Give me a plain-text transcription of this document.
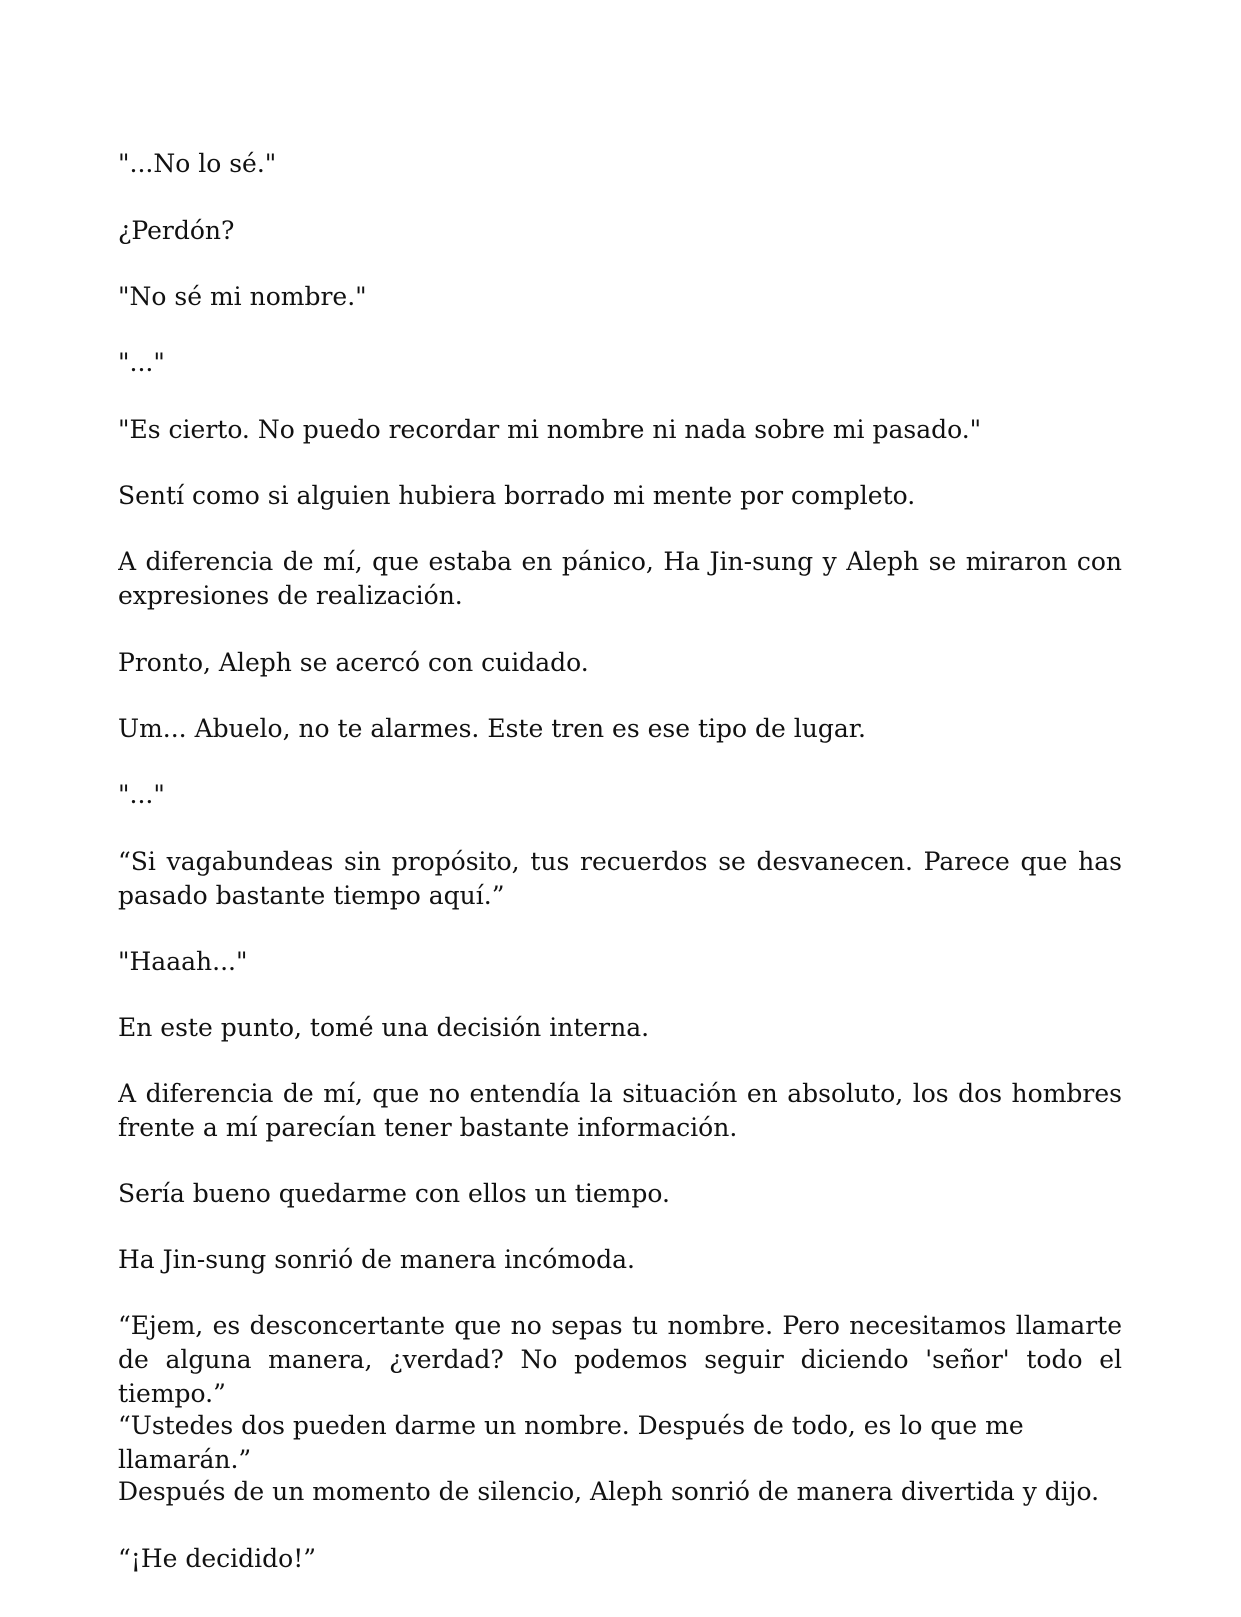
"...No lo sé."

¿Perdón?

"No sé mi nombre."

"..."

"Es cierto. No puedo recordar mi nombre ni nada sobre mi pasado."

Sentí como si alguien hubiera borrado mi mente por completo.

A diferencia de mí, que estaba en pánico, Ha Jin-sung y Aleph se miraron con expresiones de realización.

Pronto, Aleph se acercó con cuidado.

Um... Abuelo, no te alarmes. Este tren es ese tipo de lugar.

"..."

“Si vagabundeas sin propósito, tus recuerdos se desvanecen. Parece que has pasado bastante tiempo aquí.”

"Haaah..."

En este punto, tomé una decisión interna.

A diferencia de mí, que no entendía la situación en absoluto, los dos hombres frente a mí parecían tener bastante información.

Sería bueno quedarme con ellos un tiempo.

Ha Jin-sung sonrió de manera incómoda.

“Ejem, es desconcertante que no sepas tu nombre. Pero necesitamos llamarte de alguna manera, ¿verdad? No podemos seguir diciendo 'señor' todo el tiempo.”

“Ustedes dos pueden darme un nombre. Después de todo, es lo que me llamarán.”

Después de un momento de silencio, Aleph sonrió de manera divertida y dijo.

“¡He decidido!”
